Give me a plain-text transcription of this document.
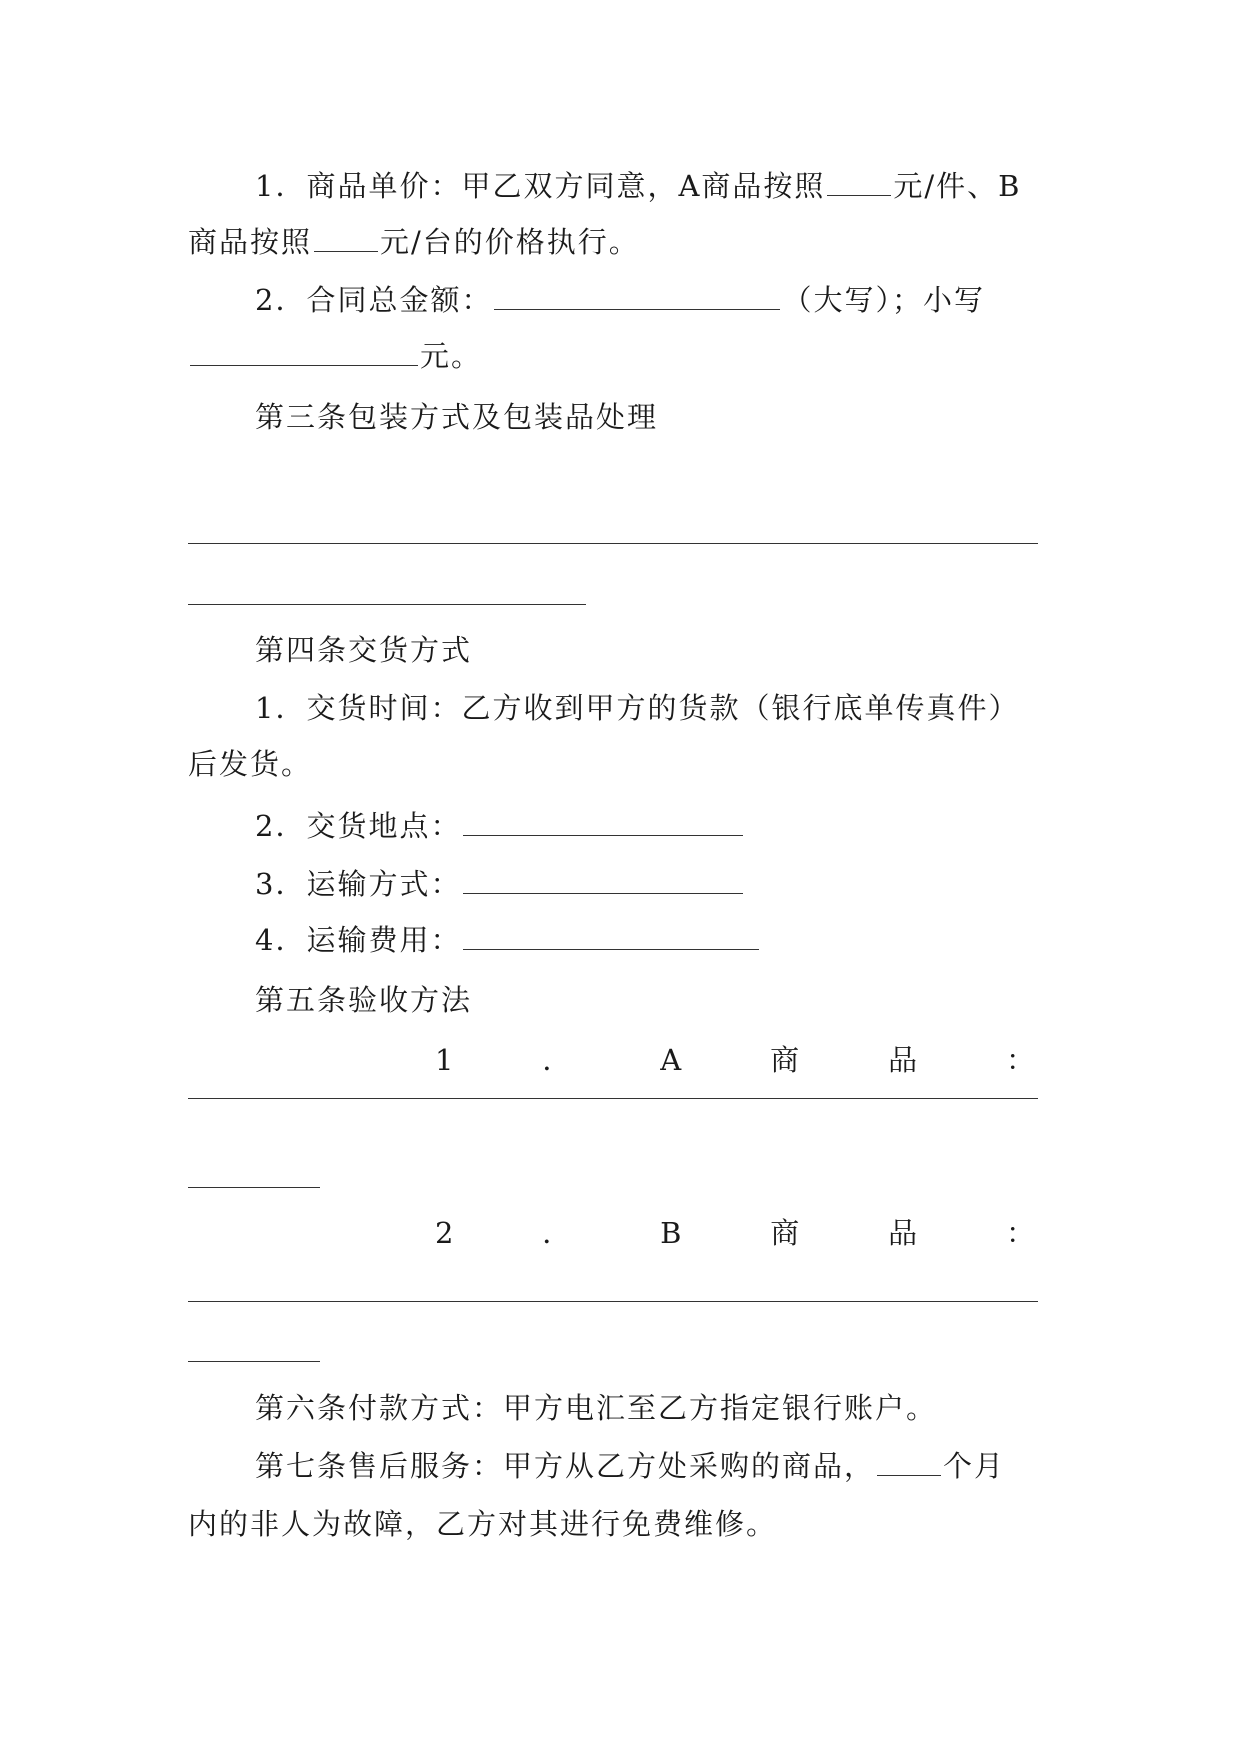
1．商品单价：甲乙双方同意，A商品按照 元/件、B
商品按照 元/台的价格执行。
2．合同总金额：	（大写）；小写
元。
第三条包装方式及包装品处理
第四条交货方式
1．交货时间：乙方收到甲方的货款（银行底单传真件）
后发货。
2．交货地点：
3．运输方式：
4．运输费用：
第五条验收方法
1	．	A	商	品	：
2	．	B	商	品	：
第六条付款方式：甲方电汇至乙方指定银行账户。
第七条售后服务：甲方从乙方处采购的商品， 个月
内的非人为故障，乙方对其进行免费维修。
